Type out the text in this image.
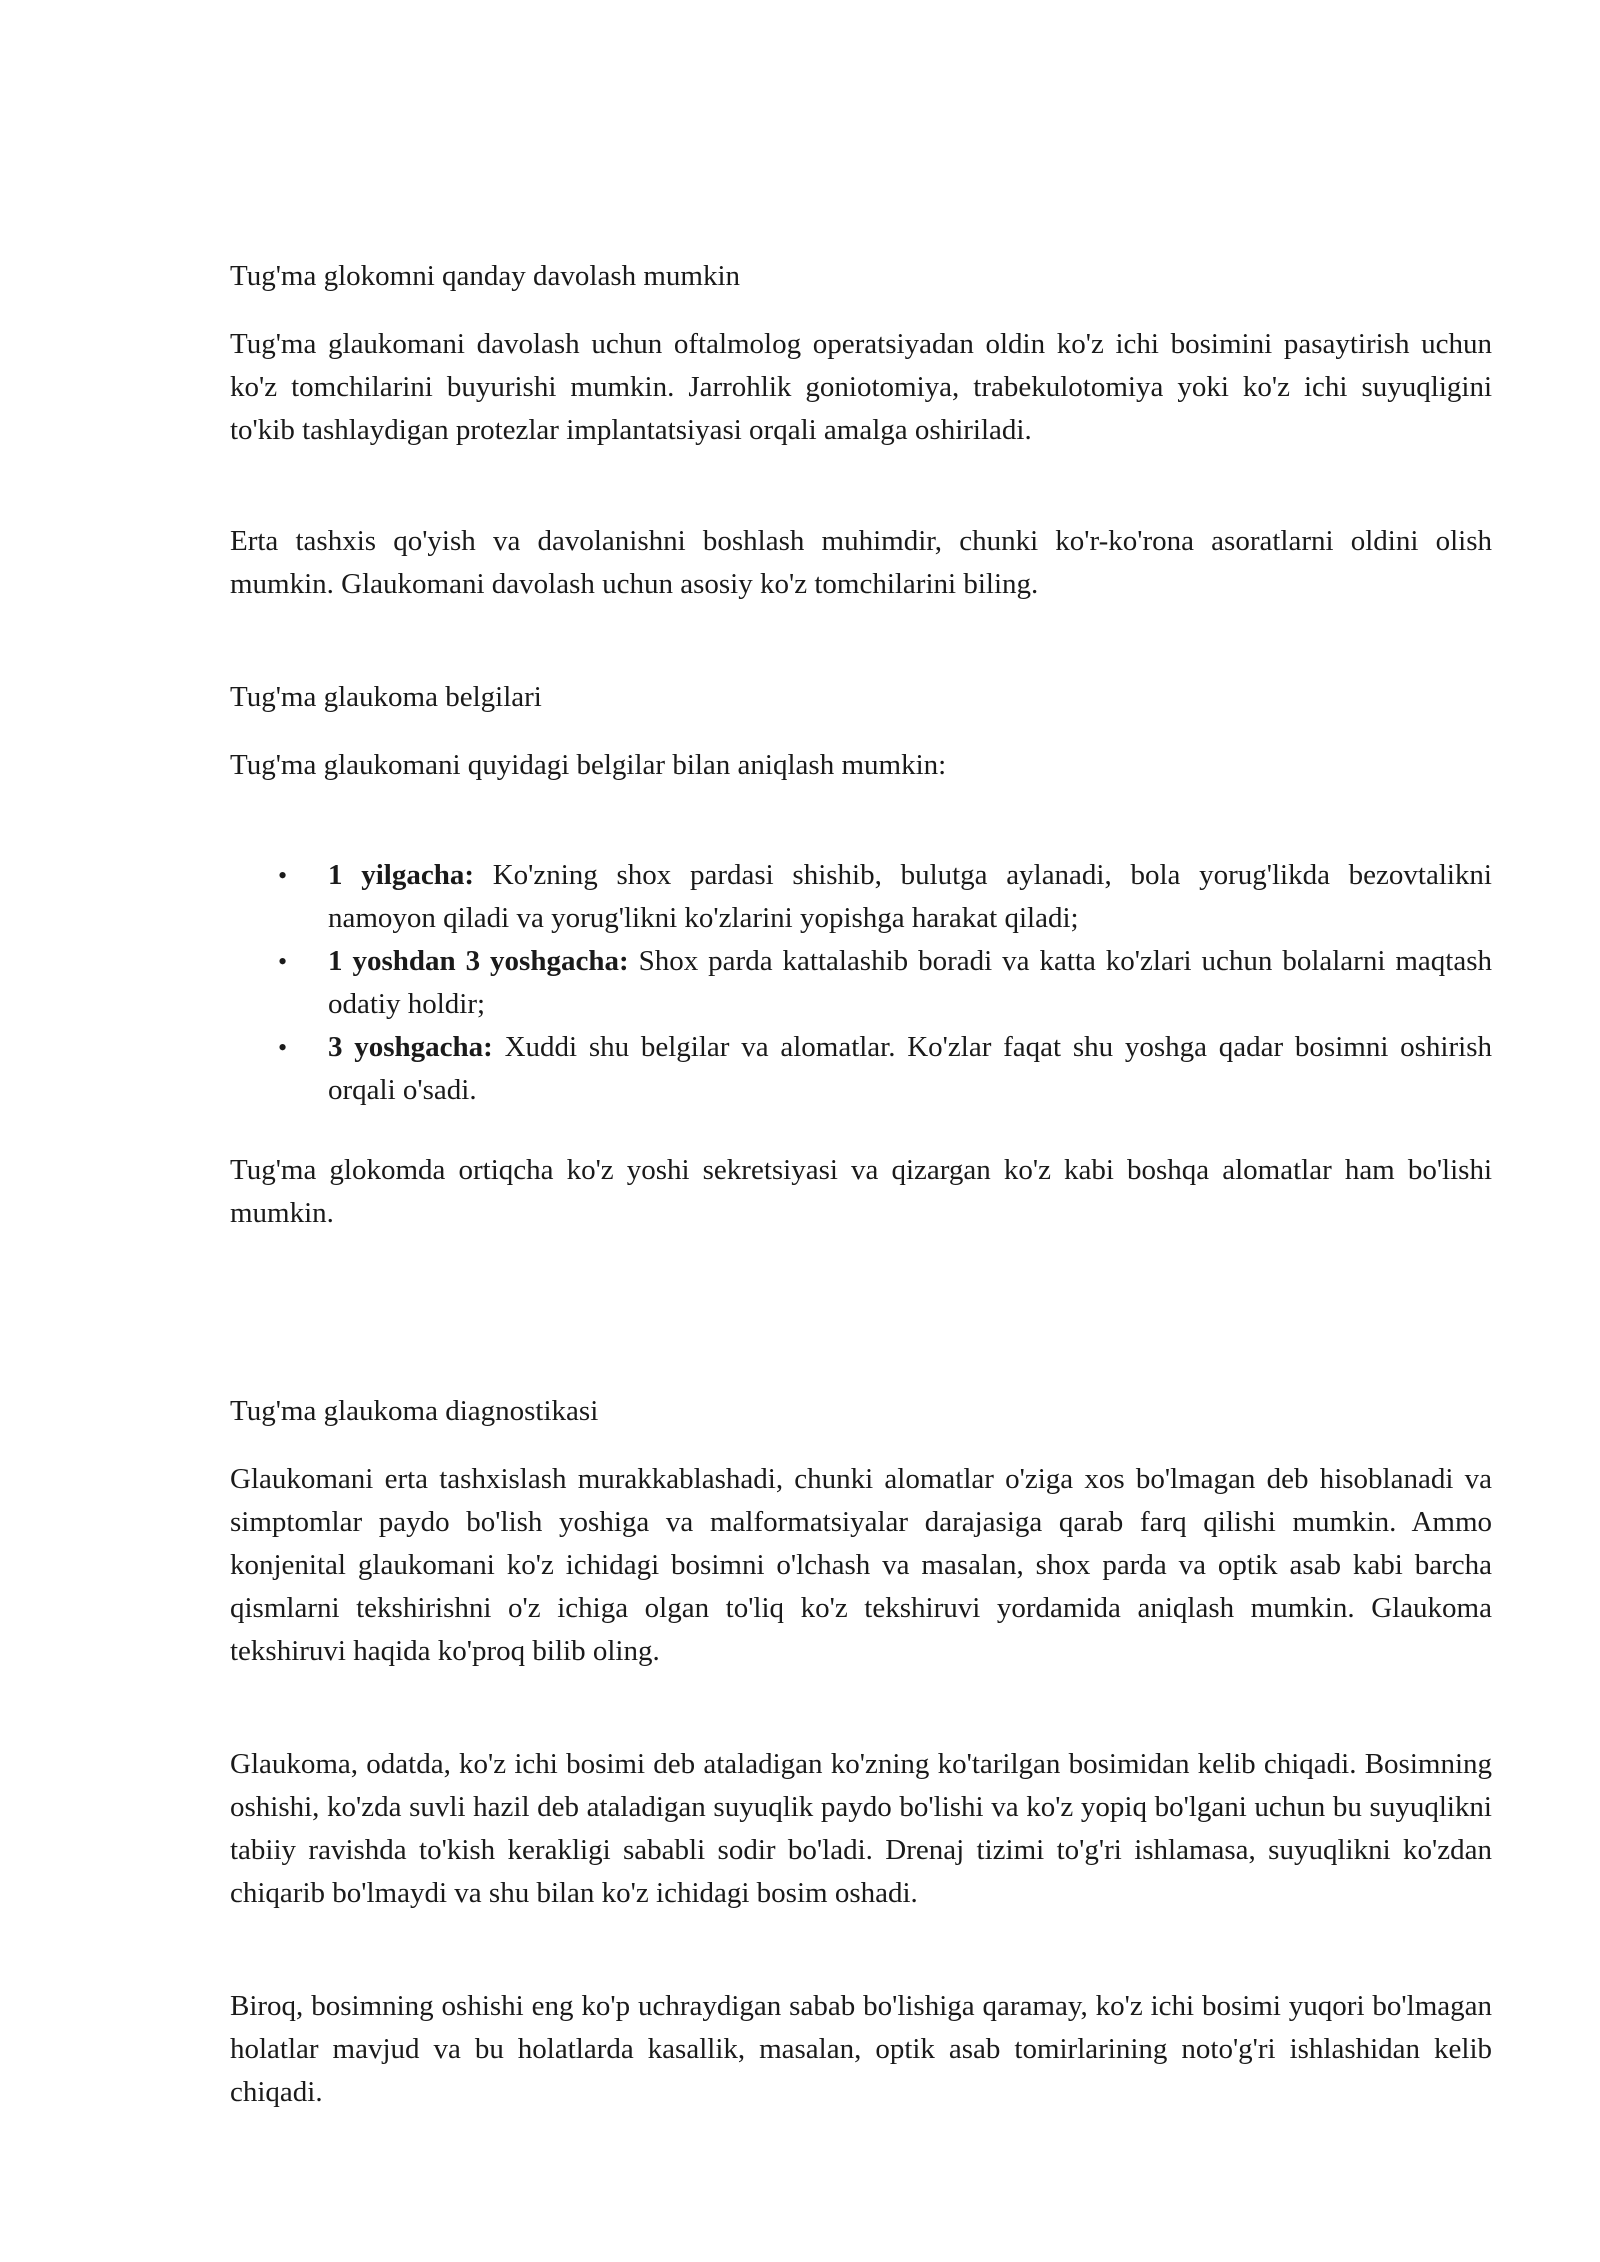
Tug'ma glokomni qanday davolash mumkin

Tug'ma glaukomani davolash uchun oftalmolog operatsiyadan oldin ko'z ichi bosimini pasaytirish uchun ko'z tomchilarini buyurishi mumkin. Jarrohlik goniotomiya, trabekulotomiya yoki ko'z ichi suyuqligini to'kib tashlaydigan protezlar implantatsiyasi orqali amalga oshiriladi.

Erta tashxis qo'yish va davolanishni boshlash muhimdir, chunki ko'r-ko'rona asoratlarni oldini olish mumkin. Glaukomani davolash uchun asosiy ko'z tomchilarini biling.

Tug'ma glaukoma belgilari

Tug'ma glaukomani quyidagi belgilar bilan aniqlash mumkin:

• 1 yilgacha: Ko'zning shox pardasi shishib, bulutga aylanadi, bola yorug'likda bezovtalikni namoyon qiladi va yorug'likni ko'zlarini yopishga harakat qiladi;
• 1 yoshdan 3 yoshgacha: Shox parda kattalashib boradi va katta ko'zlari uchun bolalarni maqtash odatiy holdir;
• 3 yoshgacha: Xuddi shu belgilar va alomatlar. Ko'zlar faqat shu yoshga qadar bosimni oshirish orqali o'sadi.

Tug'ma glokomda ortiqcha ko'z yoshi sekretsiyasi va qizargan ko'z kabi boshqa alomatlar ham bo'lishi mumkin.

Tug'ma glaukoma diagnostikasi

Glaukomani erta tashxislash murakkablashadi, chunki alomatlar o'ziga xos bo'lmagan deb hisoblanadi va simptomlar paydo bo'lish yoshiga va malformatsiyalar darajasiga qarab farq qilishi mumkin. Ammo konjenital glaukomani ko'z ichidagi bosimni o'lchash va masalan, shox parda va optik asab kabi barcha qismlarni tekshirishni o'z ichiga olgan to'liq ko'z tekshiruvi yordamida aniqlash mumkin. Glaukoma tekshiruvi haqida ko'proq bilib oling.

Glaukoma, odatda, ko'z ichi bosimi deb ataladigan ko'zning ko'tarilgan bosimidan kelib chiqadi. Bosimning oshishi, ko'zda suvli hazil deb ataladigan suyuqlik paydo bo'lishi va ko'z yopiq bo'lgani uchun bu suyuqlikni tabiiy ravishda to'kish kerakligi sababli sodir bo'ladi. Drenaj tizimi to'g'ri ishlamasa, suyuqlikni ko'zdan chiqarib bo'lmaydi va shu bilan ko'z ichidagi bosim oshadi.

Biroq, bosimning oshishi eng ko'p uchraydigan sabab bo'lishiga qaramay, ko'z ichi bosimi yuqori bo'lmagan holatlar mavjud va bu holatlarda kasallik, masalan, optik asab tomirlarining noto'g'ri ishlashidan kelib chiqadi.
